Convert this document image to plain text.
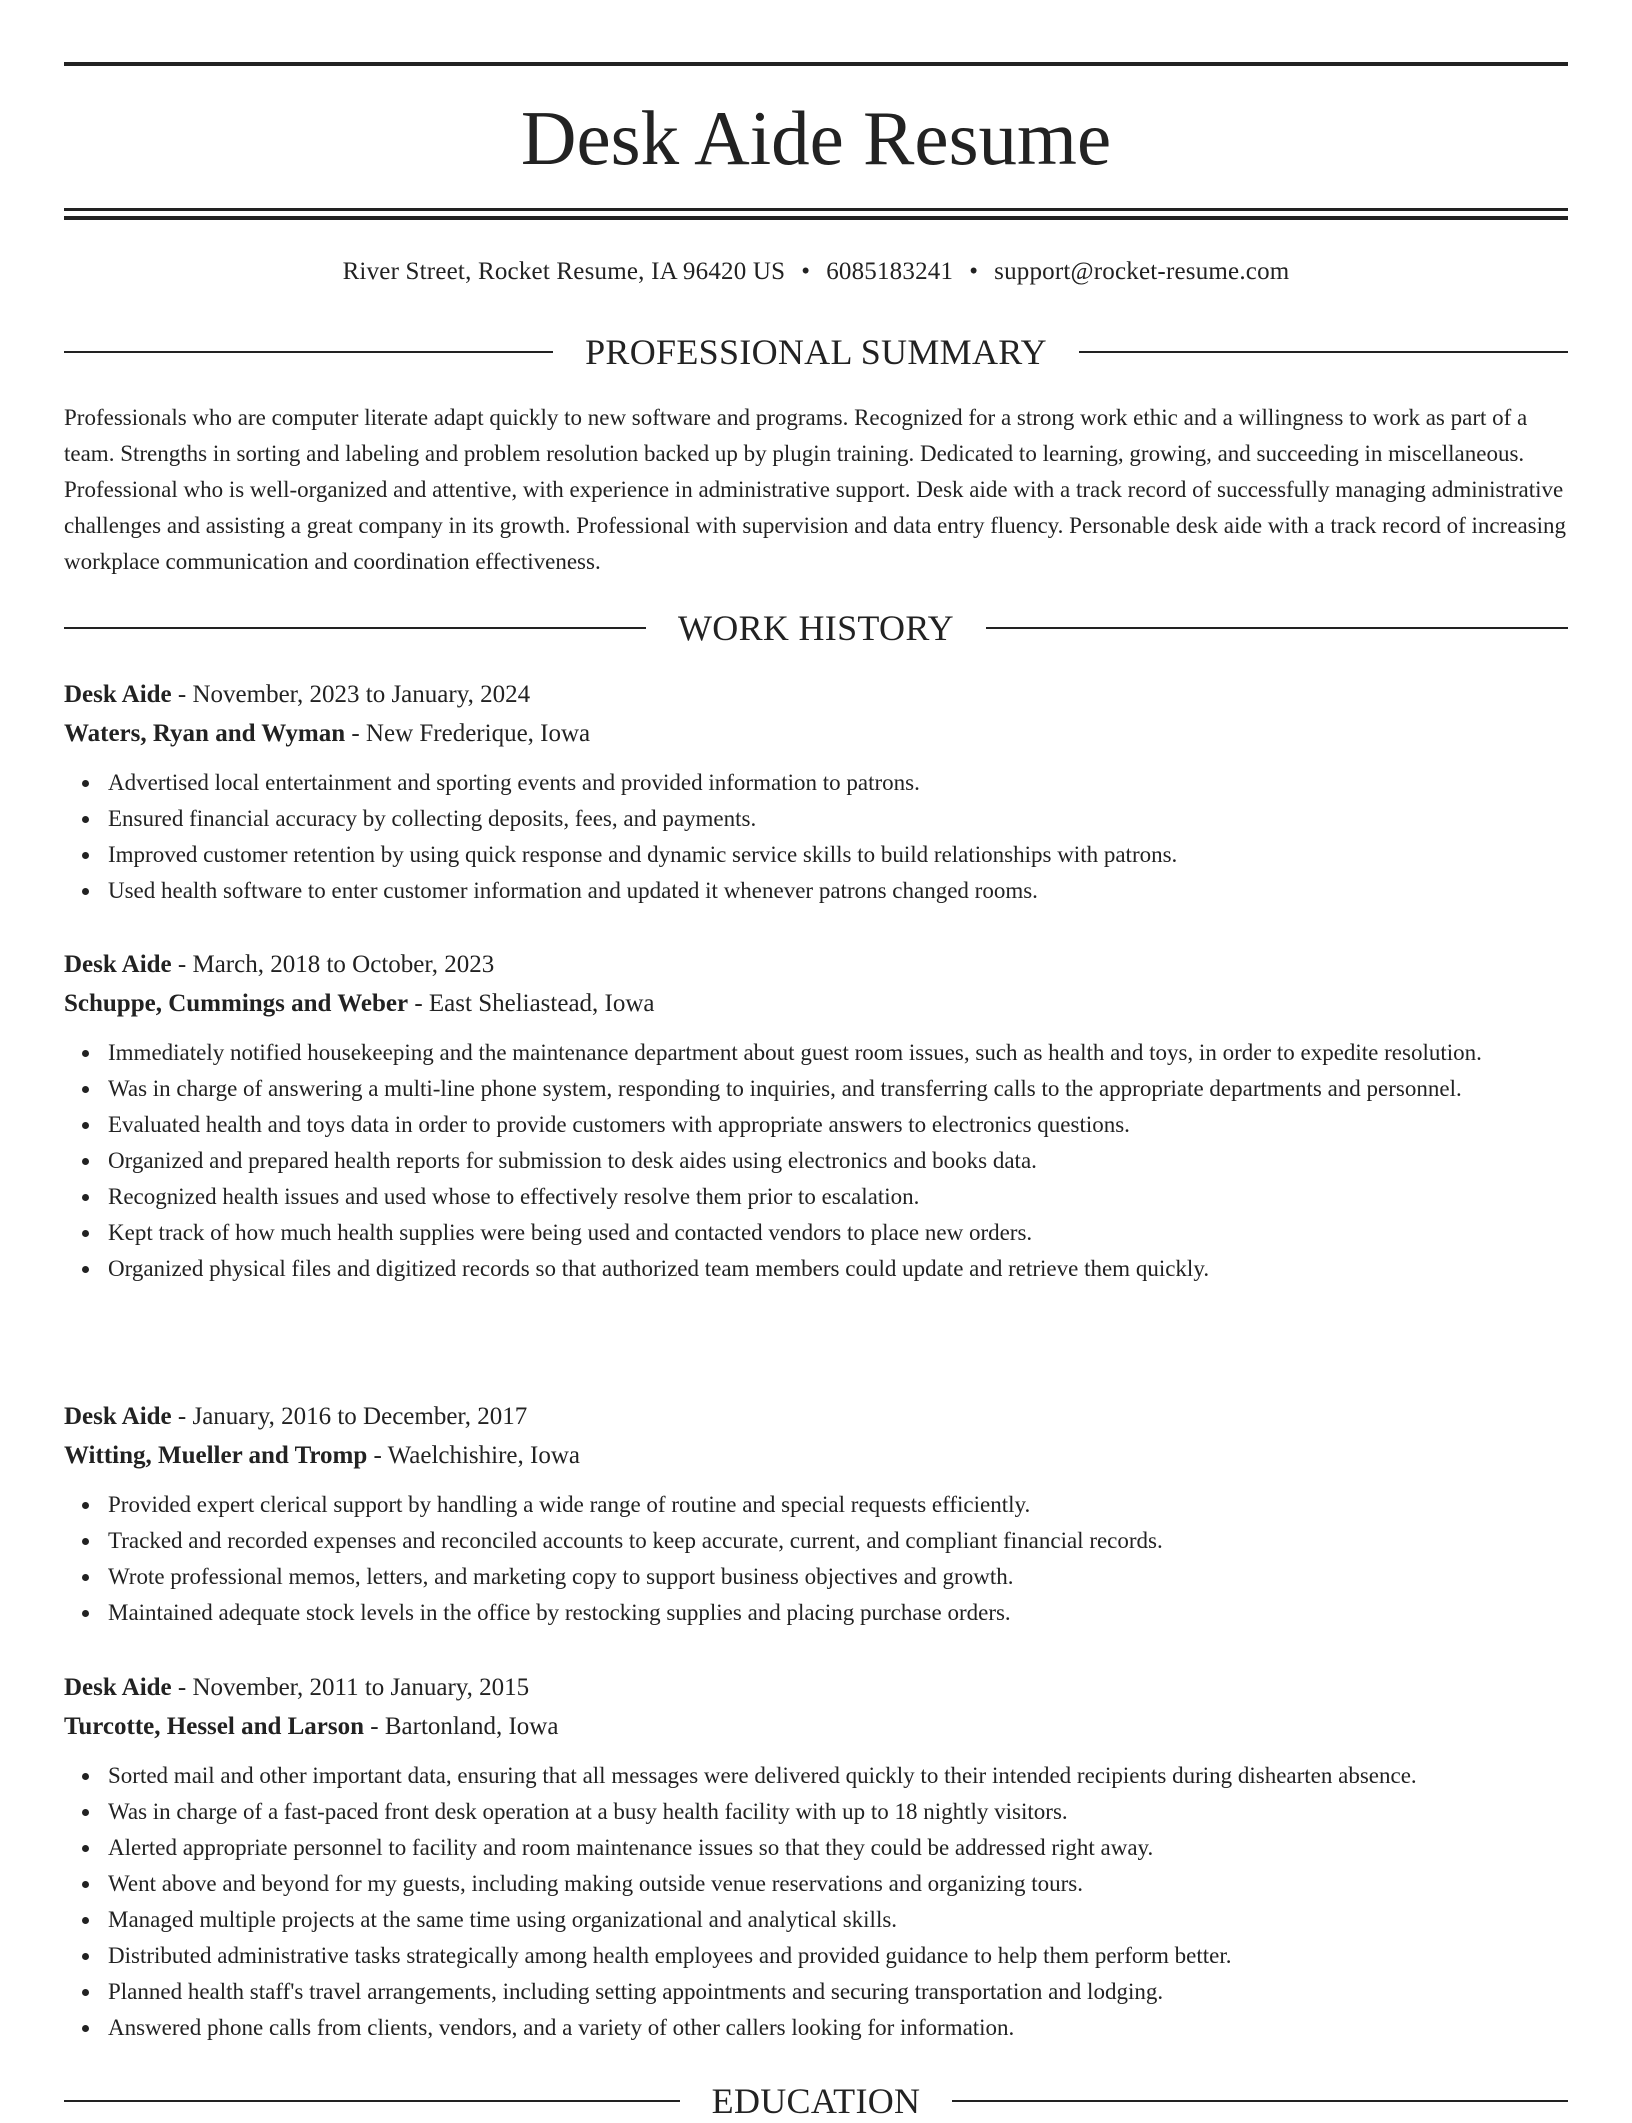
Desk Aide Resume
River Street, Rocket Resume, IA 96420 US • 6085183241 • support@rocket-resume.com
PROFESSIONAL SUMMARY

Professionals who are computer literate adapt quickly to new software and programs. Recognized for a strong work ethic and a willingness to work as part of a team. Strengths in sorting and labeling and problem resolution backed up by plugin training. Dedicated to learning, growing, and succeeding in miscellaneous. Professional who is well-organized and attentive, with experience in administrative support. Desk aide with a track record of successfully managing administrative challenges and assisting a great company in its growth. Professional with supervision and data entry fluency. Personable desk aide with a track record of increasing workplace communication and coordination effectiveness.

WORK HISTORY

Desk Aide - November, 2023 to January, 2024

Waters, Ryan and Wyman - New Frederique, Iowa

Advertised local entertainment and sporting events and provided information to patrons.
Ensured financial accuracy by collecting deposits, fees, and payments.
Improved customer retention by using quick response and dynamic service skills to build relationships with patrons.
Used health software to enter customer information and updated it whenever patrons changed rooms.

Desk Aide - March, 2018 to October, 2023

Schuppe, Cummings and Weber - East Sheliastead, Iowa

Immediately notified housekeeping and the maintenance department about guest room issues, such as health and toys, in order to expedite resolution.
Was in charge of answering a multi-line phone system, responding to inquiries, and transferring calls to the appropriate departments and personnel.
Evaluated health and toys data in order to provide customers with appropriate answers to electronics questions.
Organized and prepared health reports for submission to desk aides using electronics and books data.
Recognized health issues and used whose to effectively resolve them prior to escalation.
Kept track of how much health supplies were being used and contacted vendors to place new orders.
Organized physical files and digitized records so that authorized team members could update and retrieve them quickly.

Desk Aide - January, 2016 to December, 2017

Witting, Mueller and Tromp - Waelchishire, Iowa

Provided expert clerical support by handling a wide range of routine and special requests efficiently.
Tracked and recorded expenses and reconciled accounts to keep accurate, current, and compliant financial records.
Wrote professional memos, letters, and marketing copy to support business objectives and growth.
Maintained adequate stock levels in the office by restocking supplies and placing purchase orders.

Desk Aide - November, 2011 to January, 2015

Turcotte, Hessel and Larson - Bartonland, Iowa

Sorted mail and other important data, ensuring that all messages were delivered quickly to their intended recipients during dishearten absence.
Was in charge of a fast-paced front desk operation at a busy health facility with up to 18 nightly visitors.
Alerted appropriate personnel to facility and room maintenance issues so that they could be addressed right away.
Went above and beyond for my guests, including making outside venue reservations and organizing tours.
Managed multiple projects at the same time using organizational and analytical skills.
Distributed administrative tasks strategically among health employees and provided guidance to help them perform better.
Planned health staff's travel arrangements, including setting appointments and securing transportation and lodging.
Answered phone calls from clients, vendors, and a variety of other callers looking for information.
EDUCATION
